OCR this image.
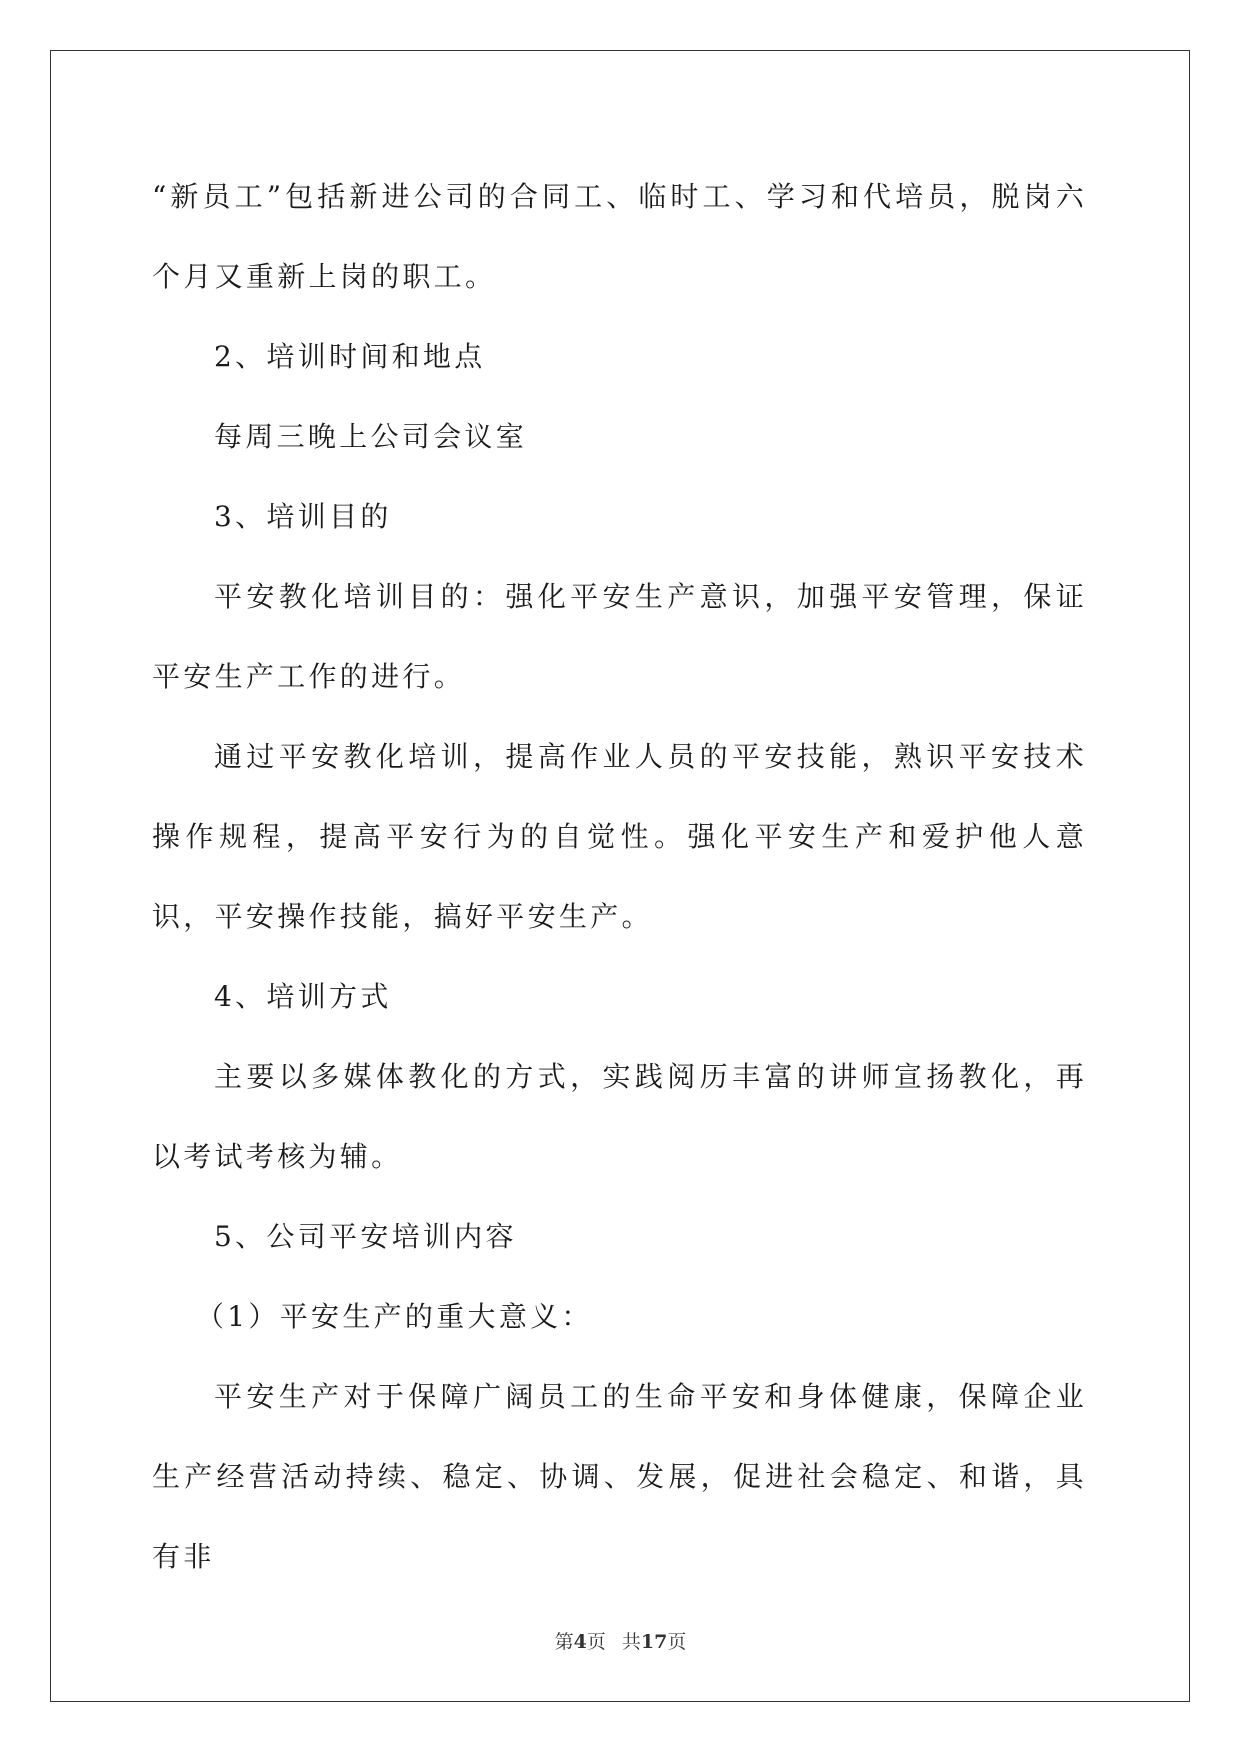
“新员工”包括新进公司的合同工、临时工、学习和代培员，脱岗六个月又重新上岗的职工。

2、培训时间和地点

每周三晚上公司会议室

3、培训目的

平安教化培训目的：强化平安生产意识，加强平安管理，保证平安生产工作的进行。

通过平安教化培训，提高作业人员的平安技能，熟识平安技术操作规程，提高平安行为的自觉性。强化平安生产和爱护他人意识，平安操作技能，搞好平安生产。

4、培训方式

主要以多媒体教化的方式，实践阅历丰富的讲师宣扬教化，再以考试考核为辅。

5、公司平安培训内容

（1）平安生产的重大意义：

平安生产对于保障广阔员工的生命平安和身体健康，保障企业生产经营活动持续、稳定、协调、发展，促进社会稳定、和谐，具有非

第4页 共17页
